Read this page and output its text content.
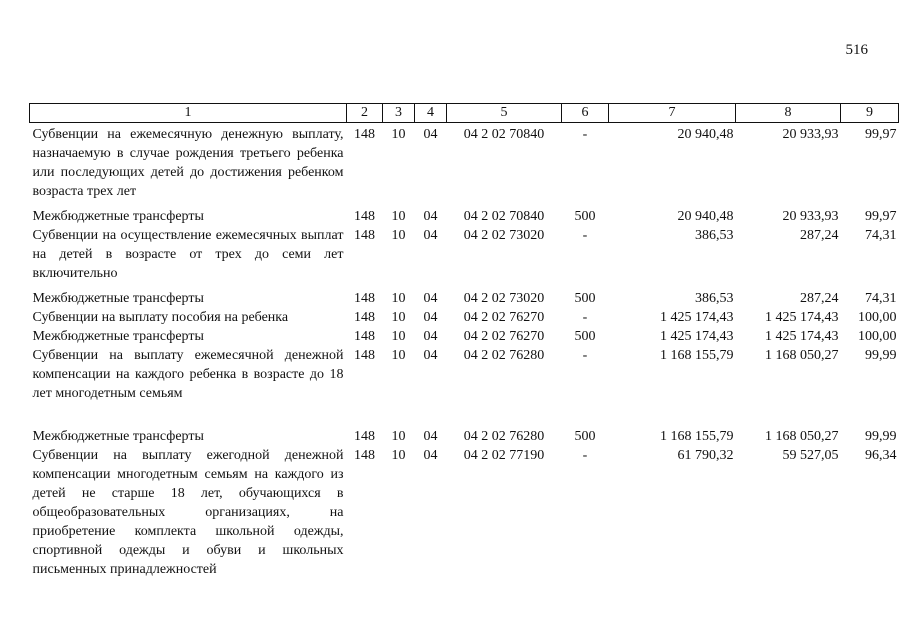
516
1	2	3	4	5	6	7	8	9
Субвенции на ежемесячную денежную выплату, назначаемую в случае рождения третьего ребенка или последующих детей до достижения ребенком возраста трех лет	148	10	04	04 2 02 70840	-	20 940,48	20 933,93	99,97
Межбюджетные трансферты	148	10	04	04 2 02 70840	500	20 940,48	20 933,93	99,97
Субвенции на осуществление ежемесячных выплат на детей в возрасте от трех до семи лет включительно	148	10	04	04 2 02 73020	-	386,53	287,24	74,31
Межбюджетные трансферты	148	10	04	04 2 02 73020	500	386,53	287,24	74,31
Субвенции на выплату пособия на ребенка	148	10	04	04 2 02 76270	-	1 425 174,43	1 425 174,43	100,00
Межбюджетные трансферты	148	10	04	04 2 02 76270	500	1 425 174,43	1 425 174,43	100,00
Субвенции на выплату ежемесячной денежной компенсации на каждого ребенка в возрасте до 18 лет многодетным семьям	148	10	04	04 2 02 76280	-	1 168 155,79	1 168 050,27	99,99
Межбюджетные трансферты	148	10	04	04 2 02 76280	500	1 168 155,79	1 168 050,27	99,99
Субвенции на выплату ежегодной денежной компенсации многодетным семьям на каждого из детей не старше 18 лет, обучающихся в общеобразовательных организациях, на приобретение комплекта школьной одежды, спортивной одежды и обуви и школьных письменных принадлежностей	148	10	04	04 2 02 77190	-	61 790,32	59 527,05	96,34
